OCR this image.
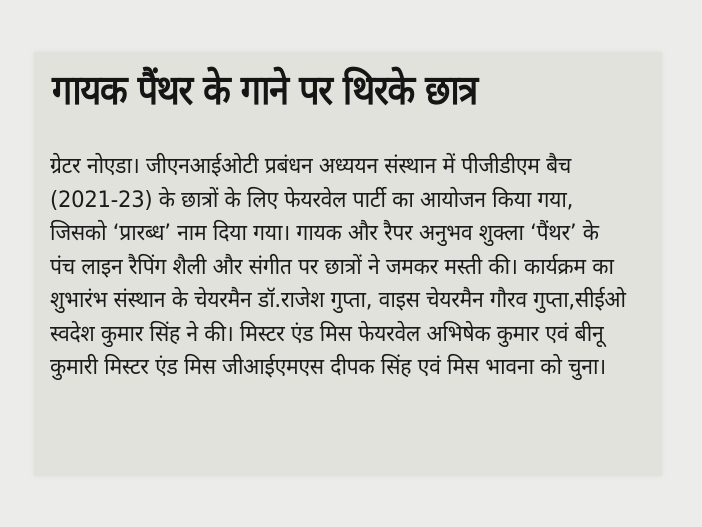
गायक पैंथर के गाने पर थिरके छात्र

ग्रेटर नोएडा। जीएनआईओटी प्रबंधन अध्ययन संस्थान में पीजीडीएम बैच
(2021-23) के छात्रों के लिए फेयरवेल पार्टी का आयोजन किया गया,
जिसको ‘प्रारब्ध’ नाम दिया गया। गायक और रैपर अनुभव शुक्ला ‘पैंथर’ के
पंच लाइन रैपिंग शैली और संगीत पर छात्रों ने जमकर मस्ती की। कार्यक्रम का
शुभारंभ संस्थान के चेयरमैन डॉ.राजेश गुप्ता, वाइस चेयरमैन गौरव गुप्ता,सीईओ
स्वदेश कुमार सिंह ने की। मिस्टर एंड मिस फेयरवेल अभिषेक कुमार एवं बीनू
कुमारी मिस्टर एंड मिस जीआईएमएस दीपक सिंह एवं मिस भावना को चुना।
